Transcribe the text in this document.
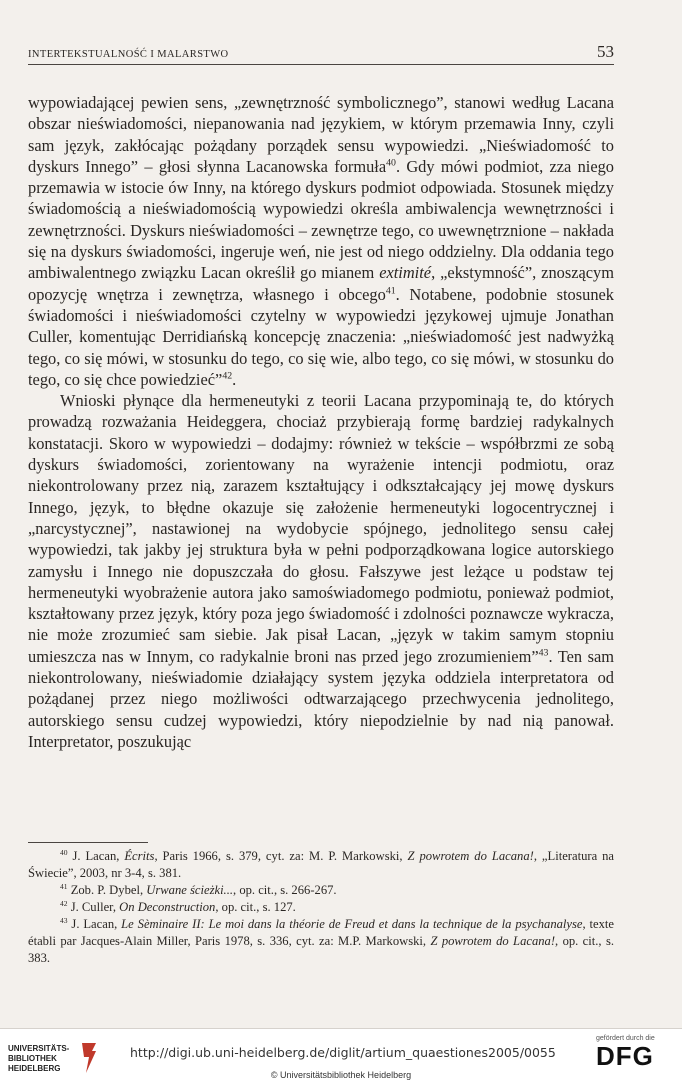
INTERTEKSTUALNOŚĆ I MALARSTWO	53

wypowiadającej pewien sens, „zewnętrzność symbolicznego”, stanowi według Lacana obszar nieświadomości, niepanowania nad językiem, w którym przemawia Inny, czyli sam język, zakłócając pożądany porządek sensu wypowiedzi. „Nieświadomość to dyskurs Innego” – głosi słynna Lacanowska formuła$^{40}$. Gdy mówi podmiot, zza niego przemawia w istocie ów Inny, na którego dyskurs podmiot odpowiada. Stosunek między świadomością a nieświadomością wypowiedzi określa ambiwalencja wewnętrzności i zewnętrzności. Dyskurs nieświadomości – zewnętrze tego, co uwewnętrznione – nakłada się na dyskurs świadomości, ingeruje weń, nie jest od niego oddzielny. Dla oddania tego ambiwalentnego związku Lacan określił go mianem extimité, „ekstymność”, znoszącym opozycję wnętrza i zewnętrza, własnego i obcego$^{41}$. Notabene, podobnie stosunek świadomości i nieświadomości czytelny w wypowiedzi językowej ujmuje Jonathan Culler, komentując Derridiańską koncepcję znaczenia: „nieświadomość jest nadwyżką tego, co się mówi, w stosunku do tego, co się wie, albo tego, co się mówi, w stosunku do tego, co się chce powiedzieć”$^{42}$.

Wnioski płynące dla hermeneutyki z teorii Lacana przypominają te, do których prowadzą rozważania Heideggera, chociaż przybierają formę bardziej radykalnych konstatacji. Skoro w wypowiedzi – dodajmy: również w tekście – współbrzmi ze sobą dyskurs świadomości, zorientowany na wyrażenie intencji podmiotu, oraz niekontrolowany przez nią, zarazem kształtujący i odkształcający jej mowę dyskurs Innego, język, to błędne okazuje się założenie hermeneutyki logocentrycznej i „narcystycznej”, nastawionej na wydobycie spójnego, jednolitego sensu całej wypowiedzi, tak jakby jej struktura była w pełni podporządkowana logice autorskiego zamysłu i Innego nie dopuszczała do głosu. Fałszywe jest leżące u podstaw tej hermeneutyki wyobrażenie autora jako samoświadomego podmiotu, ponieważ podmiot, kształtowany przez język, który poza jego świadomość i zdolności poznawcze wykracza, nie może zrozumieć sam siebie. Jak pisał Lacan, „język w takim samym stopniu umieszcza nas w Innym, co radykalnie broni nas przed jego zrozumieniem”$^{43}$. Ten sam niekontrolowany, nieświadomie działający system języka oddziela interpretatora od pożądanej przez niego możliwości odtwarzającego przechwycenia jednolitego, autorskiego sensu cudzej wypowiedzi, który niepodzielnie by nad nią panował. Interpretator, poszukując

$^{40}$ J. Lacan, Écrits, Paris 1966, s. 379, cyt. za: M. P. Markowski, Z powrotem do Lacana!, „Literatura na Świecie”, 2003, nr 3-4, s. 381.

$^{41}$ Zob. P. Dybel, Urwane ścieżki..., op. cit., s. 266-267.

$^{42}$ J. Culler, On Deconstruction, op. cit., s. 127.

$^{43}$ J. Lacan, Le Sèminaire II: Le moi dans la théorie de Freud et dans la technique de la psychanalyse, texte établi par Jacques-Alain Miller, Paris 1978, s. 336, cyt. za: M.P. Markowski, Z powrotem do Lacana!, op. cit., s. 383.

UNIVERSITÄTS-
BIBLIOTHEK
HEIDELBERG
http://digi.ub.uni-heidelberg.de/diglit/artium_quaestiones2005/0055
© Universitätsbibliothek Heidelberg
gefördert durch die
DFG
